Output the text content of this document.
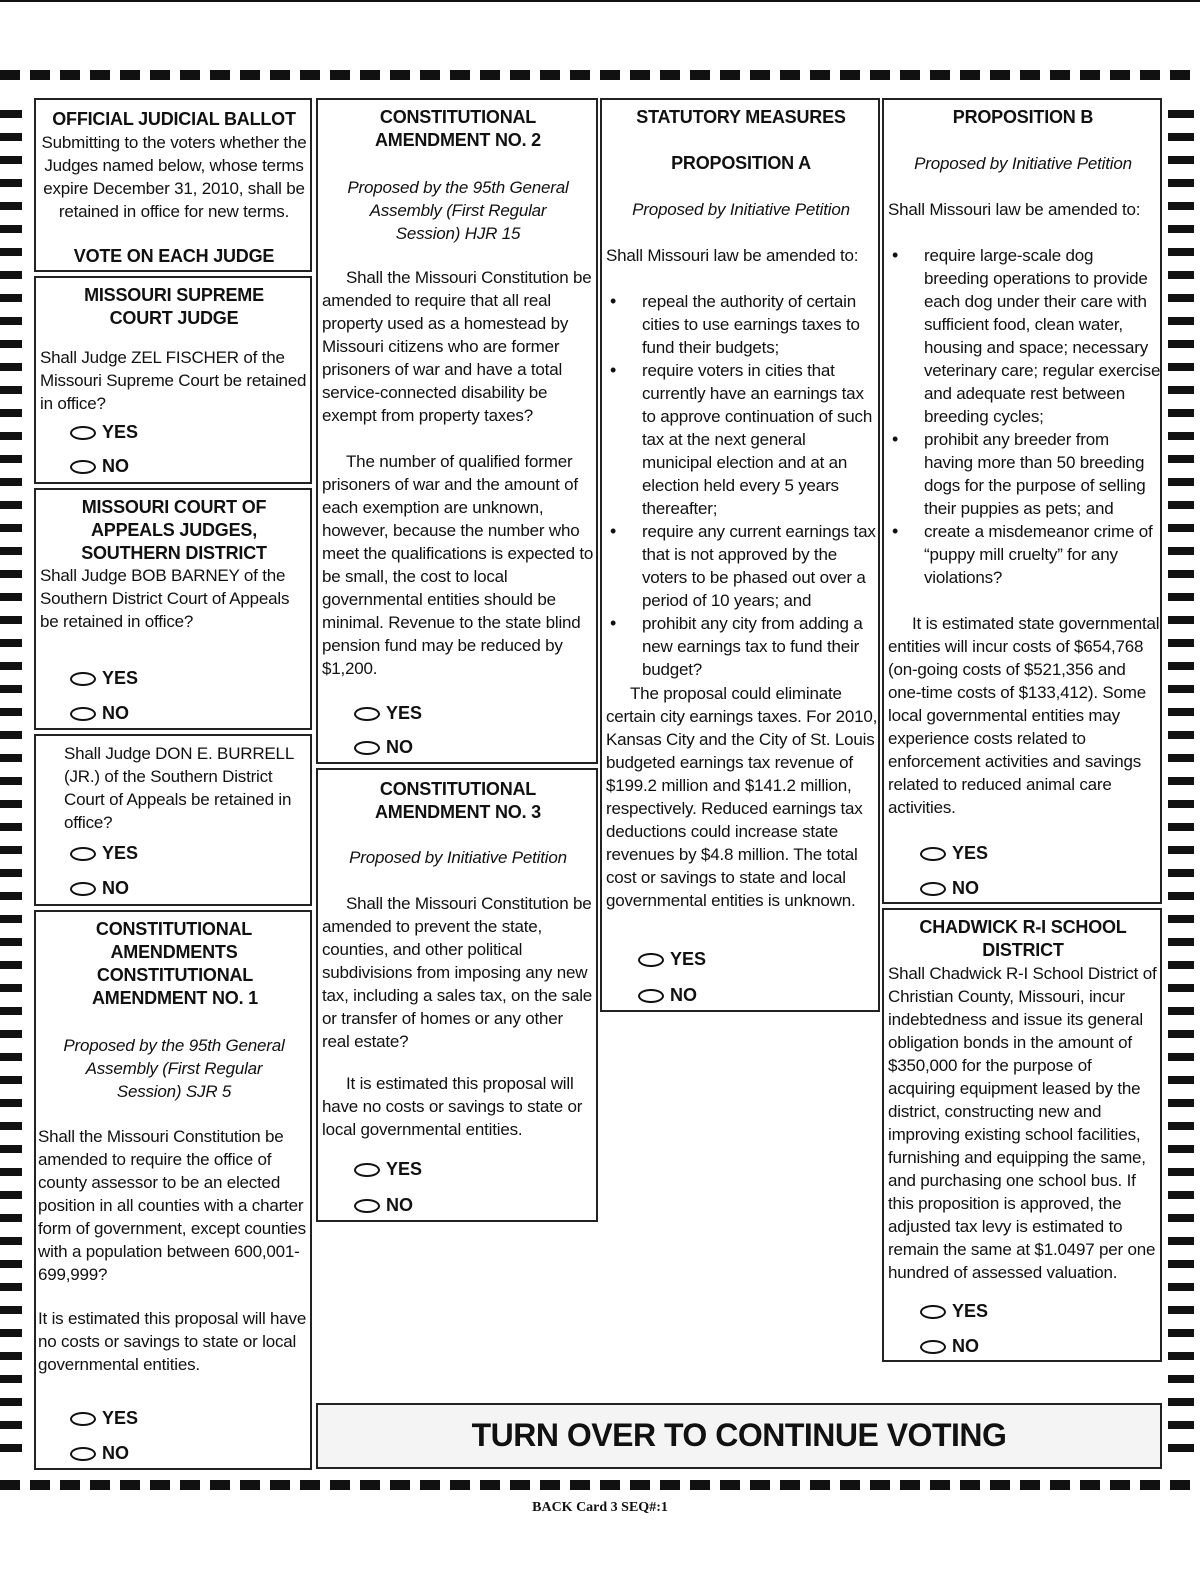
OFFICIAL JUDICIAL BALLOT
Submitting to the voters whether the Judges named below, whose terms expire December 31, 2010, shall be retained in office for new terms.
VOTE ON EACH JUDGE
MISSOURI SUPREME COURT JUDGE
Shall Judge ZEL FISCHER of the Missouri Supreme Court be retained in office?
YES
NO
MISSOURI COURT OF APPEALS JUDGES, SOUTHERN DISTRICT
Shall Judge BOB BARNEY of the Southern District Court of Appeals be retained in office?
YES
NO
Shall Judge DON E. BURRELL (JR.) of the Southern District Court of Appeals be retained in office?
YES
NO
CONSTITUTIONAL AMENDMENTS
CONSTITUTIONAL AMENDMENT NO. 1
Proposed by the 95th General Assembly (First Regular Session) SJR 5
Shall the Missouri Constitution be amended to require the office of county assessor to be an elected position in all counties with a charter form of government, except counties with a population between 600,001-699,999?
It is estimated this proposal will have no costs or savings to state or local governmental entities.
YES
NO
CONSTITUTIONAL AMENDMENT NO. 2
Proposed by the 95th General Assembly (First Regular Session) HJR 15
Shall the Missouri Constitution be amended to require that all real property used as a homestead by Missouri citizens who are former prisoners of war and have a total service-connected disability be exempt from property taxes?
The number of qualified former prisoners of war and the amount of each exemption are unknown, however, because the number who meet the qualifications is expected to be small, the cost to local governmental entities should be minimal. Revenue to the state blind pension fund may be reduced by $1,200.
YES
NO
CONSTITUTIONAL AMENDMENT NO. 3
Proposed by Initiative Petition
Shall the Missouri Constitution be amended to prevent the state, counties, and other political subdivisions from imposing any new tax, including a sales tax, on the sale or transfer of homes or any other real estate?
It is estimated this proposal will have no costs or savings to state or local governmental entities.
YES
NO
STATUTORY MEASURES
PROPOSITION A
Proposed by Initiative Petition
Shall Missouri law be amended to:
• repeal the authority of certain cities to use earnings taxes to fund their budgets;
• require voters in cities that currently have an earnings tax to approve continuation of such tax at the next general municipal election and at an election held every 5 years thereafter;
• require any current earnings tax that is not approved by the voters to be phased out over a period of 10 years; and
• prohibit any city from adding a new earnings tax to fund their budget?
The proposal could eliminate certain city earnings taxes. For 2010, Kansas City and the City of St. Louis budgeted earnings tax revenue of $199.2 million and $141.2 million, respectively. Reduced earnings tax deductions could increase state revenues by $4.8 million. The total cost or savings to state and local governmental entities is unknown.
YES
NO
PROPOSITION B
Proposed by Initiative Petition
Shall Missouri law be amended to:
• require large-scale dog breeding operations to provide each dog under their care with sufficient food, clean water, housing and space; necessary veterinary care; regular exercise and adequate rest between breeding cycles;
• prohibit any breeder from having more than 50 breeding dogs for the purpose of selling their puppies as pets; and
• create a misdemeanor crime of “puppy mill cruelty” for any violations?
It is estimated state governmental entities will incur costs of $654,768 (on-going costs of $521,356 and one-time costs of $133,412). Some local governmental entities may experience costs related to enforcement activities and savings related to reduced animal care activities.
YES
NO
CHADWICK R-I SCHOOL DISTRICT
Shall Chadwick R-I School District of Christian County, Missouri, incur indebtedness and issue its general obligation bonds in the amount of $350,000 for the purpose of acquiring equipment leased by the district, constructing new and improving existing school facilities, furnishing and equipping the same, and purchasing one school bus. If this proposition is approved, the adjusted tax levy is estimated to remain the same at $1.0497 per one hundred of assessed valuation.
YES
NO
TURN OVER TO CONTINUE VOTING
BACK Card 3 SEQ#:1
